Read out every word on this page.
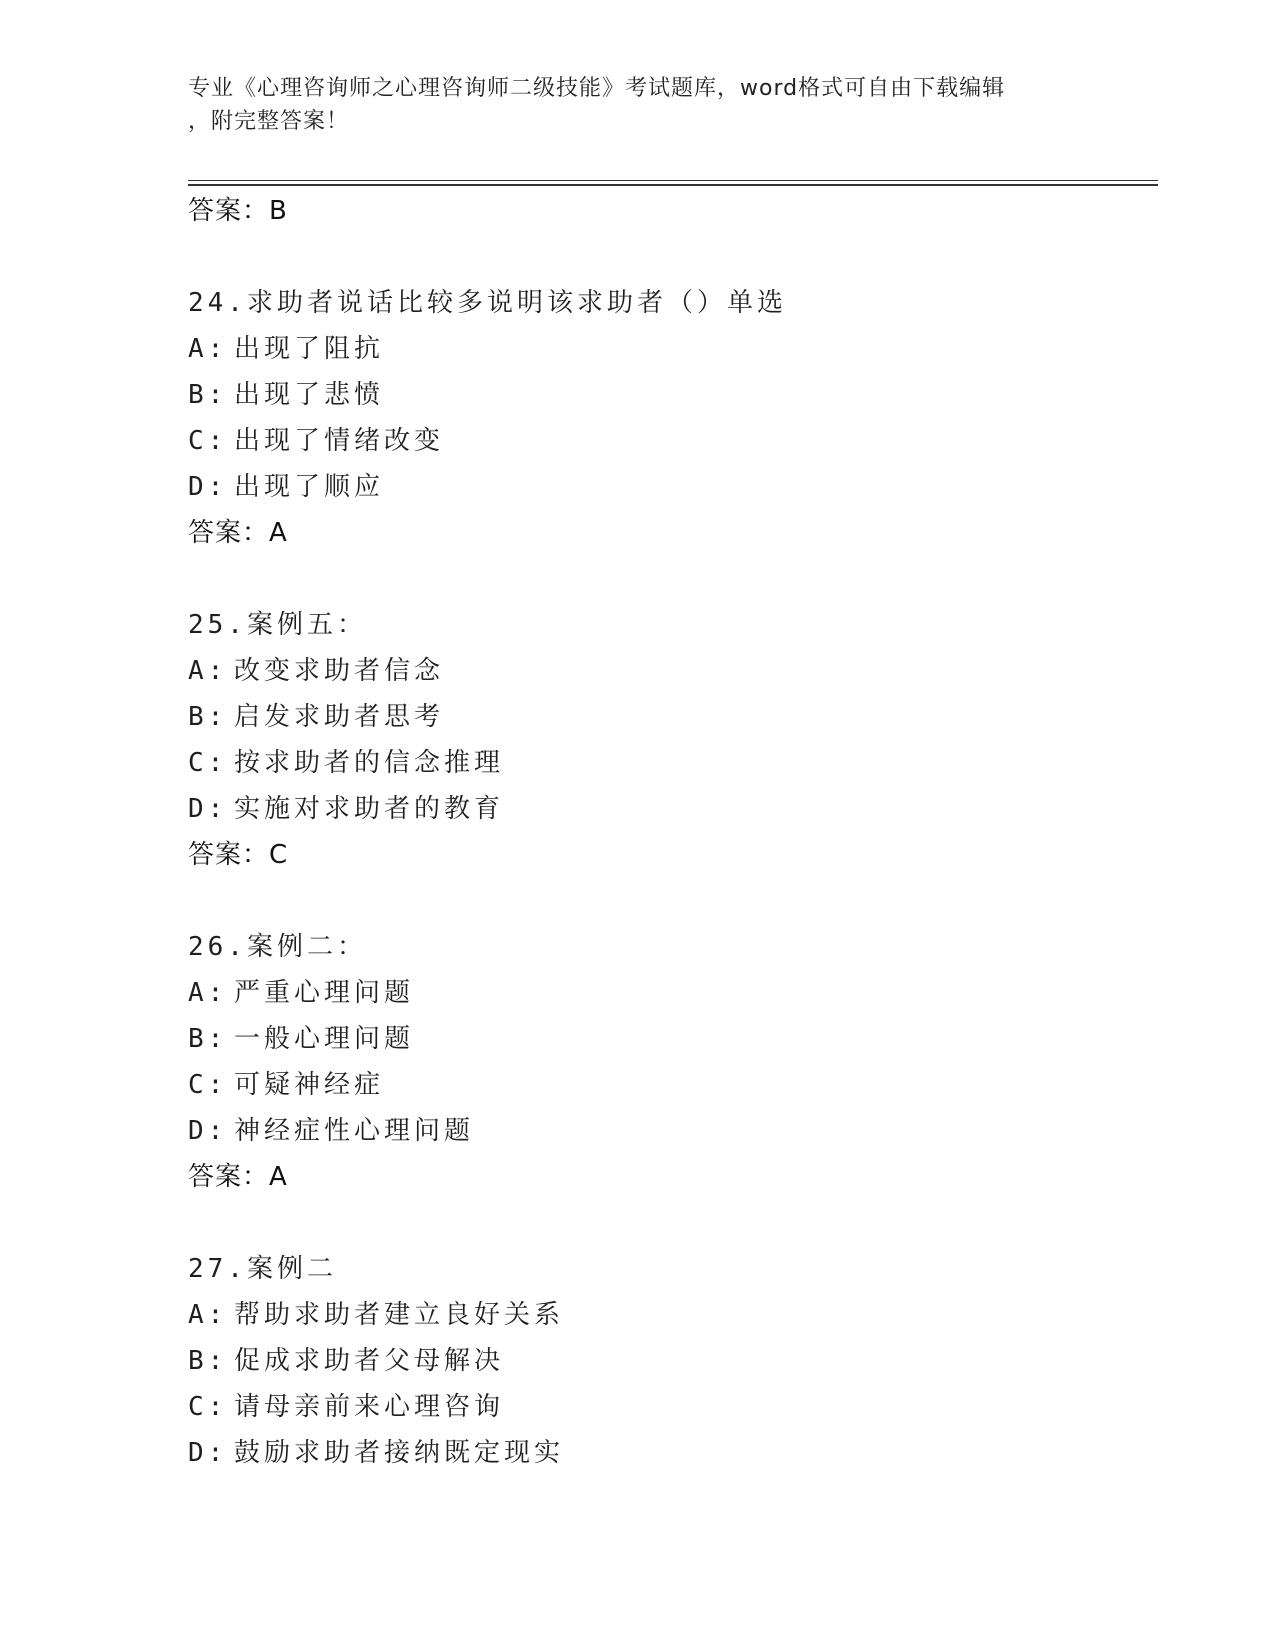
专业《心理咨询师之心理咨询师二级技能》考试题库，word格式可自由下载编辑
，附完整答案！
答案：B
24.求助者说话比较多说明该求助者（）单选
A: 出现了阻抗
B: 出现了悲愤
C: 出现了情绪改变
D: 出现了顺应
答案：A
25.案例五：
A: 改变求助者信念
B: 启发求助者思考
C: 按求助者的信念推理
D: 实施对求助者的教育
答案：C
26.案例二：
A: 严重心理问题
B: 一般心理问题
C: 可疑神经症
D: 神经症性心理问题
答案：A
27.案例二
A: 帮助求助者建立良好关系
B: 促成求助者父母解决
C: 请母亲前来心理咨询
D: 鼓励求助者接纳既定现实
